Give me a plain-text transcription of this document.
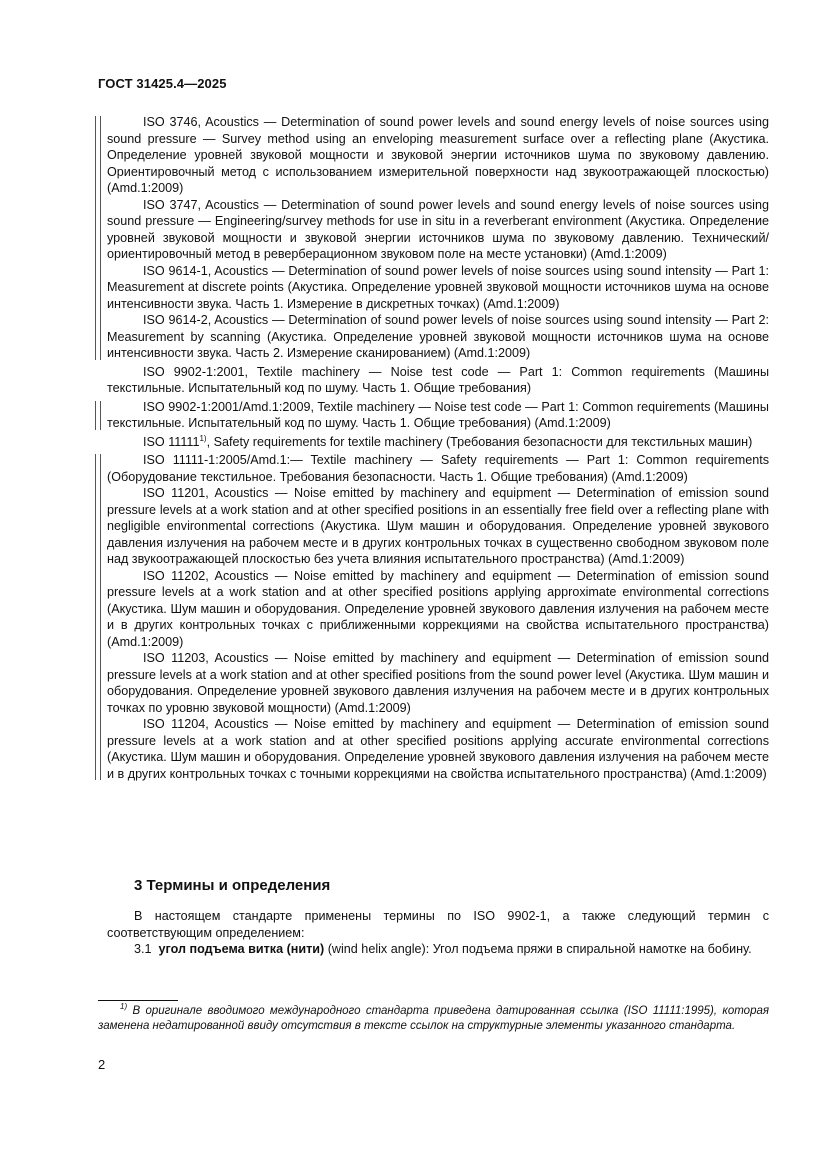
ГОСТ 31425.4—2025

ISO 3746, Acoustics — Determination of sound power levels and sound energy levels of noise sources using sound pressure — Survey method using an enveloping measurement surface over a reflecting plane (Акустика. Определение уровней звуковой мощности и звуковой энергии источников шума по звуковому давлению. Ориентировочный метод с использованием измерительной поверхности над звукоотражающей плоскостью) (Amd.1:2009)

ISO 3747, Acoustics — Determination of sound power levels and sound energy levels of noise sources using sound pressure — Engineering/survey methods for use in situ in a reverberant environment (Акустика. Определение уровней звуковой мощности и звуковой энергии источников шума по звуковому давлению. Технический/ориентировочный метод в реверберационном звуковом поле на месте установки) (Amd.1:2009)

ISO 9614-1, Acoustics — Determination of sound power levels of noise sources using sound intensity — Part 1: Measurement at discrete points (Акустика. Определение уровней звуковой мощности источников шума на основе интенсивности звука. Часть 1. Измерение в дискретных точках) (Amd.1:2009)

ISO 9614-2, Acoustics — Determination of sound power levels of noise sources using sound intensity — Part 2: Measurement by scanning (Акустика. Определение уровней звуковой мощности источников шума на основе интенсивности звука. Часть 2. Измерение сканированием) (Amd.1:2009)

ISO 9902-1:2001, Textile machinery — Noise test code — Part 1: Common requirements (Машины текстильные. Испытательный код по шуму. Часть 1. Общие требования)

ISO 9902-1:2001/Amd.1:2009, Textile machinery — Noise test code — Part 1: Common requirements (Машины текстильные. Испытательный код по шуму. Часть 1. Общие требования) (Amd.1:2009)

ISO 11111$^{1)}$, Safety requirements for textile machinery (Требования безопасности для текстильных машин)

ISO 11111-1:2005/Amd.1:— Textile machinery — Safety requirements — Part 1: Common requirements (Оборудование текстильное. Требования безопасности. Часть 1. Общие требования) (Amd.1:2009)

ISO 11201, Acoustics — Noise emitted by machinery and equipment — Determination of emission sound pressure levels at a work station and at other specified positions in an essentially free field over a reflecting plane with negligible environmental corrections (Акустика. Шум машин и оборудования. Определение уровней звукового давления излучения на рабочем месте и в других контрольных точках в существенно свободном звуковом поле над звукоотражающей плоскостью без учета влияния испытательного пространства) (Amd.1:2009)

ISO 11202, Acoustics — Noise emitted by machinery and equipment — Determination of emission sound pressure levels at a work station and at other specified positions applying approximate environmental corrections (Акустика. Шум машин и оборудования. Определение уровней звукового давления излучения на рабочем месте и в других контрольных точках с приближенными коррекциями на свойства испытательного пространства) (Amd.1:2009)

ISO 11203, Acoustics — Noise emitted by machinery and equipment — Determination of emission sound pressure levels at a work station and at other specified positions from the sound power level (Акустика. Шум машин и оборудования. Определение уровней звукового давления излучения на рабочем месте и в других контрольных точках по уровню звуковой мощности) (Amd.1:2009)

ISO 11204, Acoustics — Noise emitted by machinery and equipment — Determination of emission sound pressure levels at a work station and at other specified positions applying accurate environmental corrections (Акустика. Шум машин и оборудования. Определение уровней звукового давления излучения на рабочем месте и в других контрольных точках с точными коррекциями на свойства испытательного пространства) (Amd.1:2009)

3 Термины и определения

В настоящем стандарте применены термины по ISO 9902-1, а также следующий термин с соответствующим определением:

3.1 угол подъема витка (нити) (wind helix angle): Угол подъема пряжи в спиральной намотке на бобину.

$^{1)}$ В оригинале вводимого международного стандарта приведена датированная ссылка (ISO 11111:1995), которая заменена недатированной ввиду отсутствия в тексте ссылок на структурные элементы указанного стандарта.
2
